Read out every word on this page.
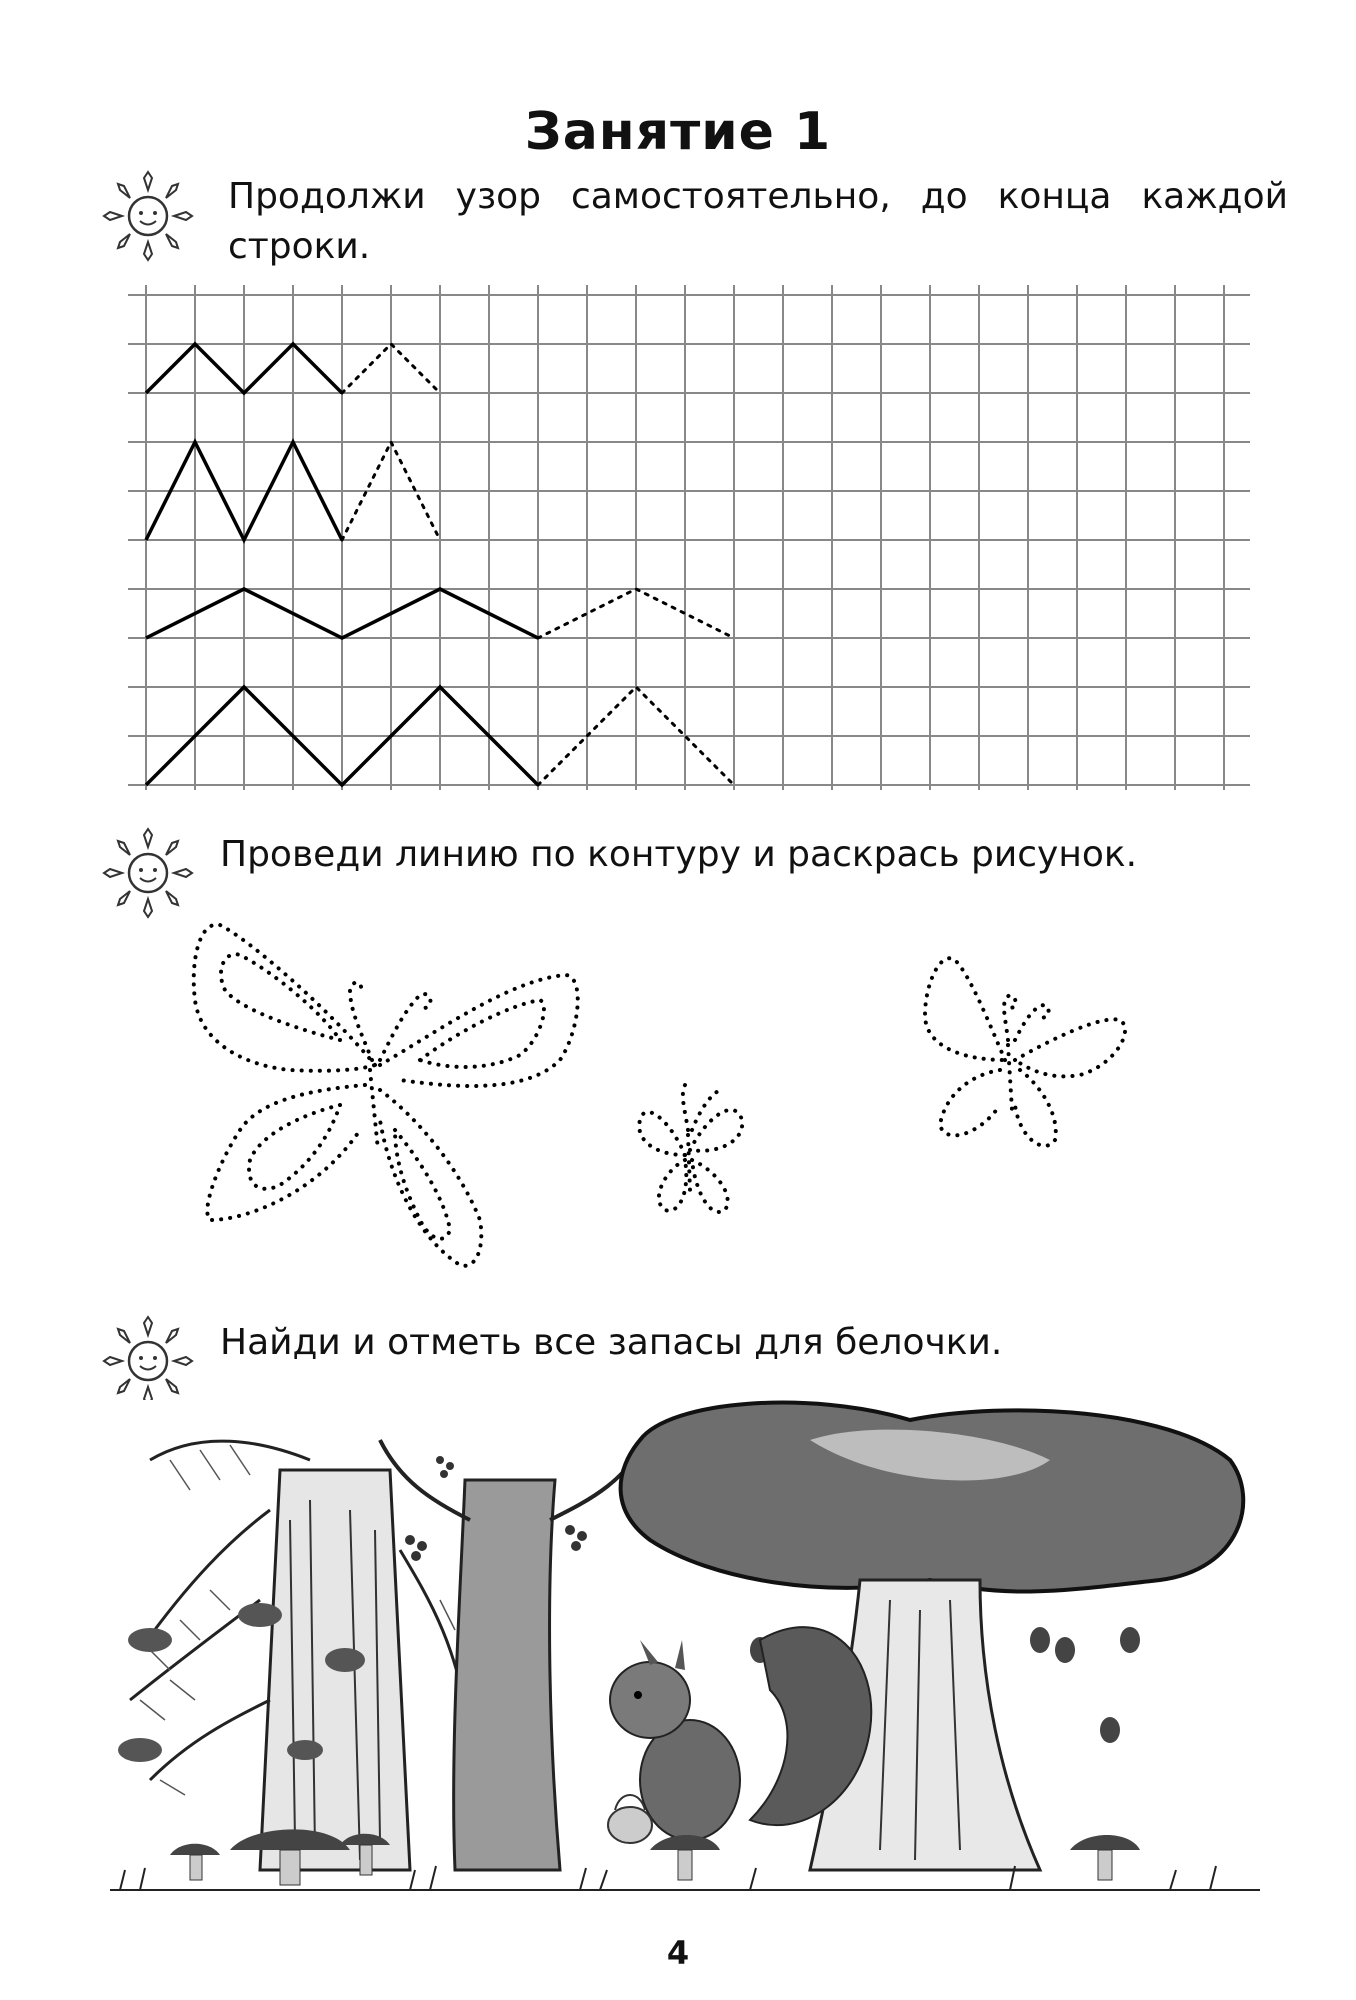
Занятие 1
Продолжи узор самостоятельно, до конца каждой строки.
Проведи линию по контуру и раскрась рисунок.
Найди и отметь все запасы для белочки.
4
